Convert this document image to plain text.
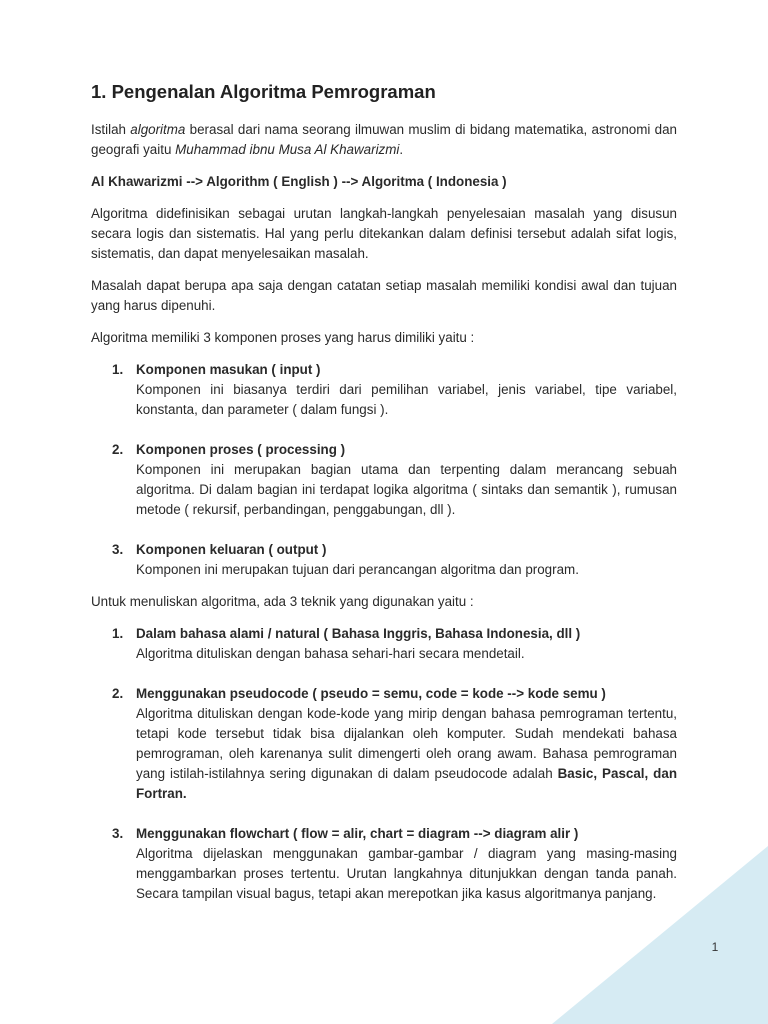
1. Pengenalan Algoritma Pemrograman

Istilah algoritma berasal dari nama seorang ilmuwan muslim di bidang matematika, astronomi dan geografi yaitu Muhammad ibnu Musa Al Khawarizmi.

Al Khawarizmi --> Algorithm ( English ) --> Algoritma ( Indonesia )

Algoritma didefinisikan sebagai urutan langkah-langkah penyelesaian masalah yang disusun secara logis dan sistematis. Hal yang perlu ditekankan dalam definisi tersebut adalah sifat logis, sistematis, dan dapat menyelesaikan masalah.

Masalah dapat berupa apa saja dengan catatan setiap masalah memiliki kondisi awal dan tujuan yang harus dipenuhi.

Algoritma memiliki 3 komponen proses yang harus dimiliki yaitu :

1. Komponen masukan ( input )
Komponen ini biasanya terdiri dari pemilihan variabel, jenis variabel, tipe variabel, konstanta, dan parameter ( dalam fungsi ).
2. Komponen proses ( processing )
Komponen ini merupakan bagian utama dan terpenting dalam merancang sebuah algoritma. Di dalam bagian ini terdapat logika algoritma ( sintaks dan semantik ), rumusan metode ( rekursif, perbandingan, penggabungan, dll ).
3. Komponen keluaran ( output )
Komponen ini merupakan tujuan dari perancangan algoritma dan program.

Untuk menuliskan algoritma, ada 3 teknik yang digunakan yaitu :

1. Dalam bahasa alami / natural ( Bahasa Inggris, Bahasa Indonesia, dll )
Algoritma dituliskan dengan bahasa sehari-hari secara mendetail.
2. Menggunakan pseudocode ( pseudo = semu, code = kode --> kode semu )
Algoritma dituliskan dengan kode-kode yang mirip dengan bahasa pemrograman tertentu, tetapi kode tersebut tidak bisa dijalankan oleh komputer. Sudah mendekati bahasa pemrograman, oleh karenanya sulit dimengerti oleh orang awam. Bahasa pemrograman yang istilah-istilahnya sering digunakan di dalam pseudocode adalah Basic, Pascal, dan Fortran.
3. Menggunakan flowchart ( flow = alir, chart = diagram --> diagram alir )
Algoritma dijelaskan menggunakan gambar-gambar / diagram yang masing-masing menggambarkan proses tertentu. Urutan langkahnya ditunjukkan dengan tanda panah. Secara tampilan visual bagus, tetapi akan merepotkan jika kasus algoritmanya panjang.
1
